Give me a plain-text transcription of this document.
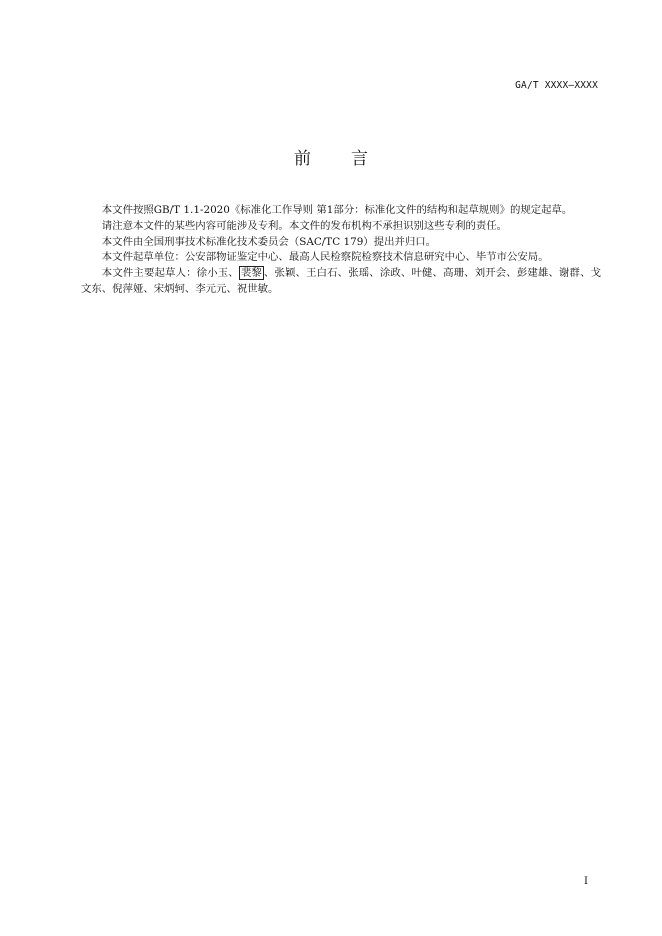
GA/T XXXX—XXXX
前 言

本文件按照GB/T 1.1-2020《标准化工作导则 第1部分：标准化文件的结构和起草规则》的规定起草。

请注意本文件的某些内容可能涉及专利。本文件的发布机构不承担识别这些专利的责任。

本文件由全国刑事技术标准化技术委员会（SAC/TC 179）提出并归口。

本文件起草单位：公安部物证鉴定中心、最高人民检察院检察技术信息研究中心、毕节市公安局。

本文件主要起草人：徐小玉、 裴黎 、张颖、王白石、张瑶、涂政、叶健、高珊、刘开会、彭建雄、谢群、戈文东、倪萍娅、宋炳轲、李元元、祝世敏。

I
